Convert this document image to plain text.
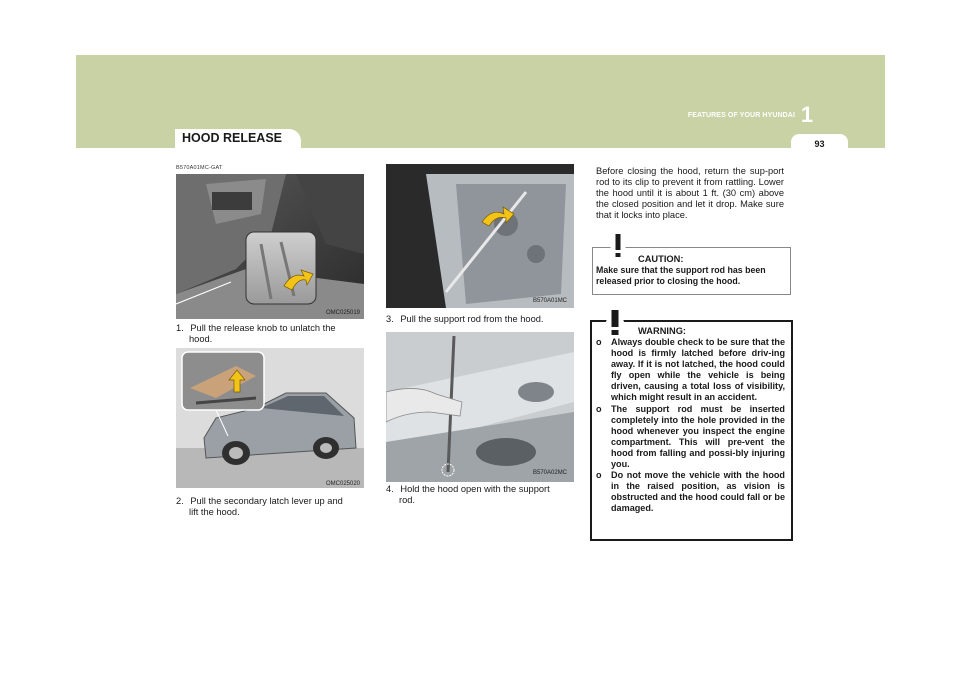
FEATURES OF YOUR HYUNDAI 1
93
HOOD RELEASE
B570A01MC-GAT
OMC025019
1. Pull the release knob to unlatch the
hood.
OMC025020
2. Pull the secondary latch lever up and
lift the hood.
B570A01MC
3. Pull the support rod from the hood.
B570A02MC
4. Hold the hood open with the support
rod.
Before closing the hood, return the sup-port rod to its clip to prevent it from rattling. Lower the hood until it is about 1 ft. (30 cm) above the closed position and let it drop. Make sure that it locks into place.
CAUTION:
Make sure that the support rod has been released prior to closing the hood.
WARNING:

o Always double check to be sure that the hood is firmly latched before driv-ing away. If it is not latched, the hood could fly open while the vehicle is being driven, causing a total loss of visibility, which might result in an accident.

o The support rod must be inserted completely into the hole provided in the hood whenever you inspect the engine compartment. This will pre-vent the hood from falling and possi-bly injuring you.

o Do not move the vehicle with the hood in the raised position, as vision is obstructed and the hood could fall or be damaged.
